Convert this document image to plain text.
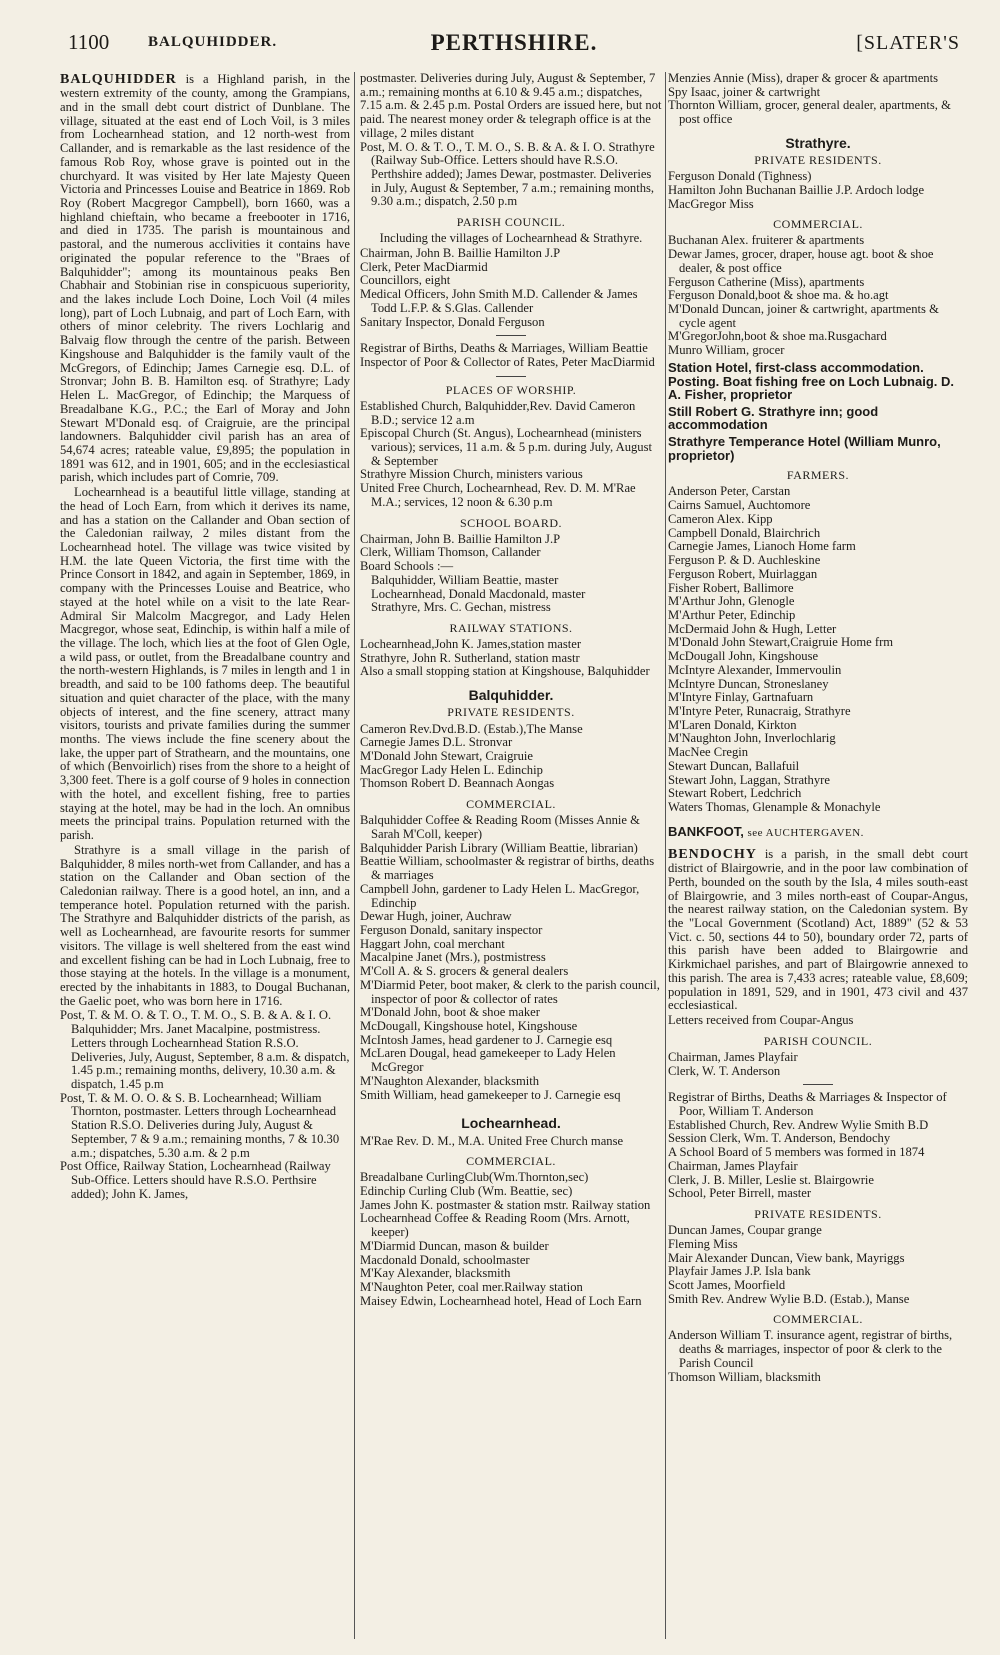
1100	BALQUHIDDER.	PERTHSHIRE.	[SLATER'S

BALQUHIDDER is a Highland parish, in the western extremity of the county, among the Grampians, and in the small debt court district of Dunblane. The village, situated at the east end of Loch Voil, is 3 miles from Lochearnhead station, and 12 north-west from Callander, and is remarkable as the last residence of the famous Rob Roy, whose grave is pointed out in the churchyard. It was visited by Her late Majesty Queen Victoria and Princesses Louise and Beatrice in 1869. Rob Roy (Robert Macgregor Campbell), born 1660, was a highland chieftain, who became a freebooter in 1716, and died in 1735. The parish is mountainous and pastoral, and the numerous acclivities it contains have originated the popular reference to the "Braes of Balquhidder"; among its mountainous peaks Ben Chabhair and Stobinian rise in conspicuous superiority, and the lakes include Loch Doine, Loch Voil (4 miles long), part of Loch Lubnaig, and part of Loch Earn, with others of minor celebrity. The rivers Lochlarig and Balvaig flow through the centre of the parish. Between Kingshouse and Balquhidder is the family vault of the McGregors, of Edinchip; James Carnegie esq. D.L. of Stronvar; John B. B. Hamilton esq. of Strathyre; Lady Helen L. MacGregor, of Edinchip; the Marquess of Breadalbane K.G., P.C.; the Earl of Moray and John Stewart M'Donald esq. of Craigruie, are the principal landowners. Balquhidder civil parish has an area of 54,674 acres; rateable value, £9,895; the population in 1891 was 612, and in 1901, 605; and in the ecclesiastical parish, which includes part of Comrie, 709.

Lochearnhead is a beautiful little village, standing at the head of Loch Earn, from which it derives its name, and has a station on the Callander and Oban section of the Caledonian railway, 2 miles distant from the Lochearnhead hotel. The village was twice visited by H.M. the late Queen Victoria, the first time with the Prince Consort in 1842, and again in September, 1869, in company with the Princesses Louise and Beatrice, who stayed at the hotel while on a visit to the late Rear-Admiral Sir Malcolm Macgregor, and Lady Helen Macgregor, whose seat, Edinchip, is within half a mile of the village. The loch, which lies at the foot of Glen Ogle, a wild pass, or outlet, from the Breadalbane country and the north-western Highlands, is 7 miles in length and 1 in breadth, and said to be 100 fathoms deep. The beautiful situation and quiet character of the place, with the many objects of interest, and the fine scenery, attract many visitors, tourists and private families during the summer months. The views include the fine scenery about the lake, the upper part of Strathearn, and the mountains, one of which (Benvoirlich) rises from the shore to a height of 3,300 feet. There is a golf course of 9 holes in connection with the hotel, and excellent fishing, free to parties staying at the hotel, may be had in the loch. An omnibus meets the principal trains. Population returned with the parish.

Strathyre is a small village in the parish of Balquhidder, 8 miles north-wet from Callander, and has a station on the Callander and Oban section of the Caledonian railway. There is a good hotel, an inn, and a temperance hotel. Population returned with the parish. The Strathyre and Balquhidder districts of the parish, as well as Lochearnhead, are favourite resorts for summer visitors. The village is well sheltered from the east wind and excellent fishing can be had in Loch Lubnaig, free to those staying at the hotels. In the village is a monument, erected by the inhabitants in 1883, to Dougal Buchanan, the Gaelic poet, who was born here in 1716.

Post, T. & M. O. & T. O., T. M. O., S. B. & A. & I. O. Balquhidder; Mrs. Janet Macalpine, postmistress. Letters through Lochearnhead Station R.S.O. Deliveries, July, August, September, 8 a.m. & dispatch, 1.45 p.m.; remaining months, delivery, 10.30 a.m. & dispatch, 1.45 p.m

Post, T. & M. O. O. & S. B. Lochearnhead; William Thornton, postmaster. Letters through Lochearnhead Station R.S.O. Deliveries during July, August & September, 7 & 9 a.m.; remaining months, 7 & 10.30 a.m.; dispatches, 5.30 a.m. & 2 p.m

Post Office, Railway Station, Lochearnhead (Railway Sub-Office. Letters should have R.S.O. Perthsire added); John K. James,

postmaster. Deliveries during July, August & September, 7 a.m.; remaining months at 6.10 & 9.45 a.m.; dispatches, 7.15 a.m. & 2.45 p.m. Postal Orders are issued here, but not paid. The nearest money order & telegraph office is at the village, 2 miles distant

Post, M. O. & T. O., T. M. O., S. B. & A. & I. O. Strathyre (Railway Sub-Office. Letters should have R.S.O. Perthshire added); James Dewar, postmaster. Deliveries in July, August & September, 7 a.m.; remaining months, 9.30 a.m.; dispatch, 2.50 p.m

PARISH COUNCIL.

Including the villages of Lochearnhead & Strathyre.

Chairman, John B. Baillie Hamilton J.P

Clerk, Peter MacDiarmid

Councillors, eight

Medical Officers, John Smith M.D. Callender & James Todd L.F.P. & S.Glas. Callender

Sanitary Inspector, Donald Ferguson

Registrar of Births, Deaths & Marriages, William Beattie

Inspector of Poor & Collector of Rates, Peter MacDiarmid

PLACES OF WORSHIP.

Established Church, Balquhidder,Rev. David Cameron B.D.; service 12 a.m

Episcopal Church (St. Angus), Lochearnhead (ministers various); services, 11 a.m. & 5 p.m. during July, August & September

Strathyre Mission Church, ministers various

United Free Church, Lochearnhead, Rev. D. M. M'Rae M.A.; services, 12 noon & 6.30 p.m

SCHOOL BOARD.

Chairman, John B. Baillie Hamilton J.P

Clerk, William Thomson, Callander

Board Schools :—

Balquhidder, William Beattie, master

Lochearnhead, Donald Macdonald, master

Strathyre, Mrs. C. Gechan, mistress

RAILWAY STATIONS.

Lochearnhead,John K. James,station master

Strathyre, John R. Sutherland, station mastr

Also a small stopping station at Kingshouse, Balquhidder

Balquhidder.
PRIVATE RESIDENTS.

Cameron Rev.Dvd.B.D. (Estab.),The Manse

Carnegie James D.L. Stronvar

M'Donald John Stewart, Craigruie

MacGregor Lady Helen L. Edinchip

Thomson Robert D. Beannach Aongas

COMMERCIAL.

Balquhidder Coffee & Reading Room (Misses Annie & Sarah M'Coll, keeper)

Balquhidder Parish Library (William Beattie, librarian)

Beattie William, schoolmaster & registrar of births, deaths & marriages

Campbell John, gardener to Lady Helen L. MacGregor, Edinchip

Dewar Hugh, joiner, Auchraw

Ferguson Donald, sanitary inspector

Haggart John, coal merchant

Macalpine Janet (Mrs.), postmistress

M'Coll A. & S. grocers & general dealers

M'Diarmid Peter, boot maker, & clerk to the parish council, inspector of poor & collector of rates

M'Donald John, boot & shoe maker

McDougall, Kingshouse hotel, Kingshouse

McIntosh James, head gardener to J. Carnegie esq

McLaren Dougal, head gamekeeper to Lady Helen McGregor

M'Naughton Alexander, blacksmith

Smith William, head gamekeeper to J. Carnegie esq

Lochearnhead.

M'Rae Rev. D. M., M.A. United Free Church manse

COMMERCIAL.

Breadalbane CurlingClub(Wm.Thornton,sec)

Edinchip Curling Club (Wm. Beattie, sec)

James John K. postmaster & station mstr. Railway station

Lochearnhead Coffee & Reading Room (Mrs. Arnott, keeper)

M'Diarmid Duncan, mason & builder

Macdonald Donald, schoolmaster

M'Kay Alexander, blacksmith

M'Naughton Peter, coal mer.Railway station

Maisey Edwin, Lochearnhead hotel, Head of Loch Earn

Menzies Annie (Miss), draper & grocer & apartments

Spy Isaac, joiner & cartwright

Thornton William, grocer, general dealer, apartments, & post office

Strathyre.
PRIVATE RESIDENTS.

Ferguson Donald (Tighness)

Hamilton John Buchanan Baillie J.P. Ardoch lodge

MacGregor Miss

COMMERCIAL.

Buchanan Alex. fruiterer & apartments

Dewar James, grocer, draper, house agt. boot & shoe dealer, & post office

Ferguson Catherine (Miss), apartments

Ferguson Donald,boot & shoe ma. & ho.agt

M'Donald Duncan, joiner & cartwright, apartments & cycle agent

M'GregorJohn,boot & shoe ma.Rusgachard

Munro William, grocer

Station Hotel, first-class accommodation. Posting. Boat fishing free on Loch Lubnaig. D. A. Fisher, proprietor

Still Robert G. Strathyre inn; good accommodation

Strathyre Temperance Hotel (William Munro, proprietor)

FARMERS.

Anderson Peter, Carstan

Cairns Samuel, Auchtomore

Cameron Alex. Kipp

Campbell Donald, Blairchrich

Carnegie James, Lianoch Home farm

Ferguson P. & D. Auchleskine

Ferguson Robert, Muirlaggan

Fisher Robert, Ballimore

M'Arthur John, Glenogle

M'Arthur Peter, Edinchip

McDermaid John & Hugh, Letter

M'Donald John Stewart,Craigruie Home frm

McDougall John, Kingshouse

McIntyre Alexander, Immervoulin

McIntyre Duncan, Stroneslaney

M'Intyre Finlay, Gartnafuarn

M'Intyre Peter, Runacraig, Strathyre

M'Laren Donald, Kirkton

M'Naughton John, Inverlochlarig

MacNee Cregin

Stewart Duncan, Ballafuil

Stewart John, Laggan, Strathyre

Stewart Robert, Ledchrich

Waters Thomas, Glenample & Monachyle

BANKFOOT, see AUCHTERGAVEN.

BENDOCHY is a parish, in the small debt court district of Blairgowrie, and in the poor law combination of Perth, bounded on the south by the Isla, 4 miles south-east of Blairgowrie, and 3 miles north-east of Coupar-Angus, the nearest railway station, on the Caledonian system. By the "Local Government (Scotland) Act, 1889" (52 & 53 Vict. c. 50, sections 44 to 50), boundary order 72, parts of this parish have been added to Blairgowrie and Kirkmichael parishes, and part of Blairgowrie annexed to this parish. The area is 7,433 acres; rateable value, £8,609; population in 1891, 529, and in 1901, 473 civil and 437 ecclesiastical.

Letters received from Coupar-Angus

PARISH COUNCIL.

Chairman, James Playfair

Clerk, W. T. Anderson

Registrar of Births, Deaths & Marriages & Inspector of Poor, William T. Anderson

Established Church, Rev. Andrew Wylie Smith B.D

Session Clerk, Wm. T. Anderson, Bendochy

A School Board of 5 members was formed in 1874

Chairman, James Playfair

Clerk, J. B. Miller, Leslie st. Blairgowrie

School, Peter Birrell, master

PRIVATE RESIDENTS.

Duncan James, Coupar grange

Fleming Miss

Mair Alexander Duncan, View bank, Mayriggs

Playfair James J.P. Isla bank

Scott James, Moorfield

Smith Rev. Andrew Wylie B.D. (Estab.), Manse

COMMERCIAL.

Anderson William T. insurance agent, registrar of births, deaths & marriages, inspector of poor & clerk to the Parish Council

Thomson William, blacksmith
